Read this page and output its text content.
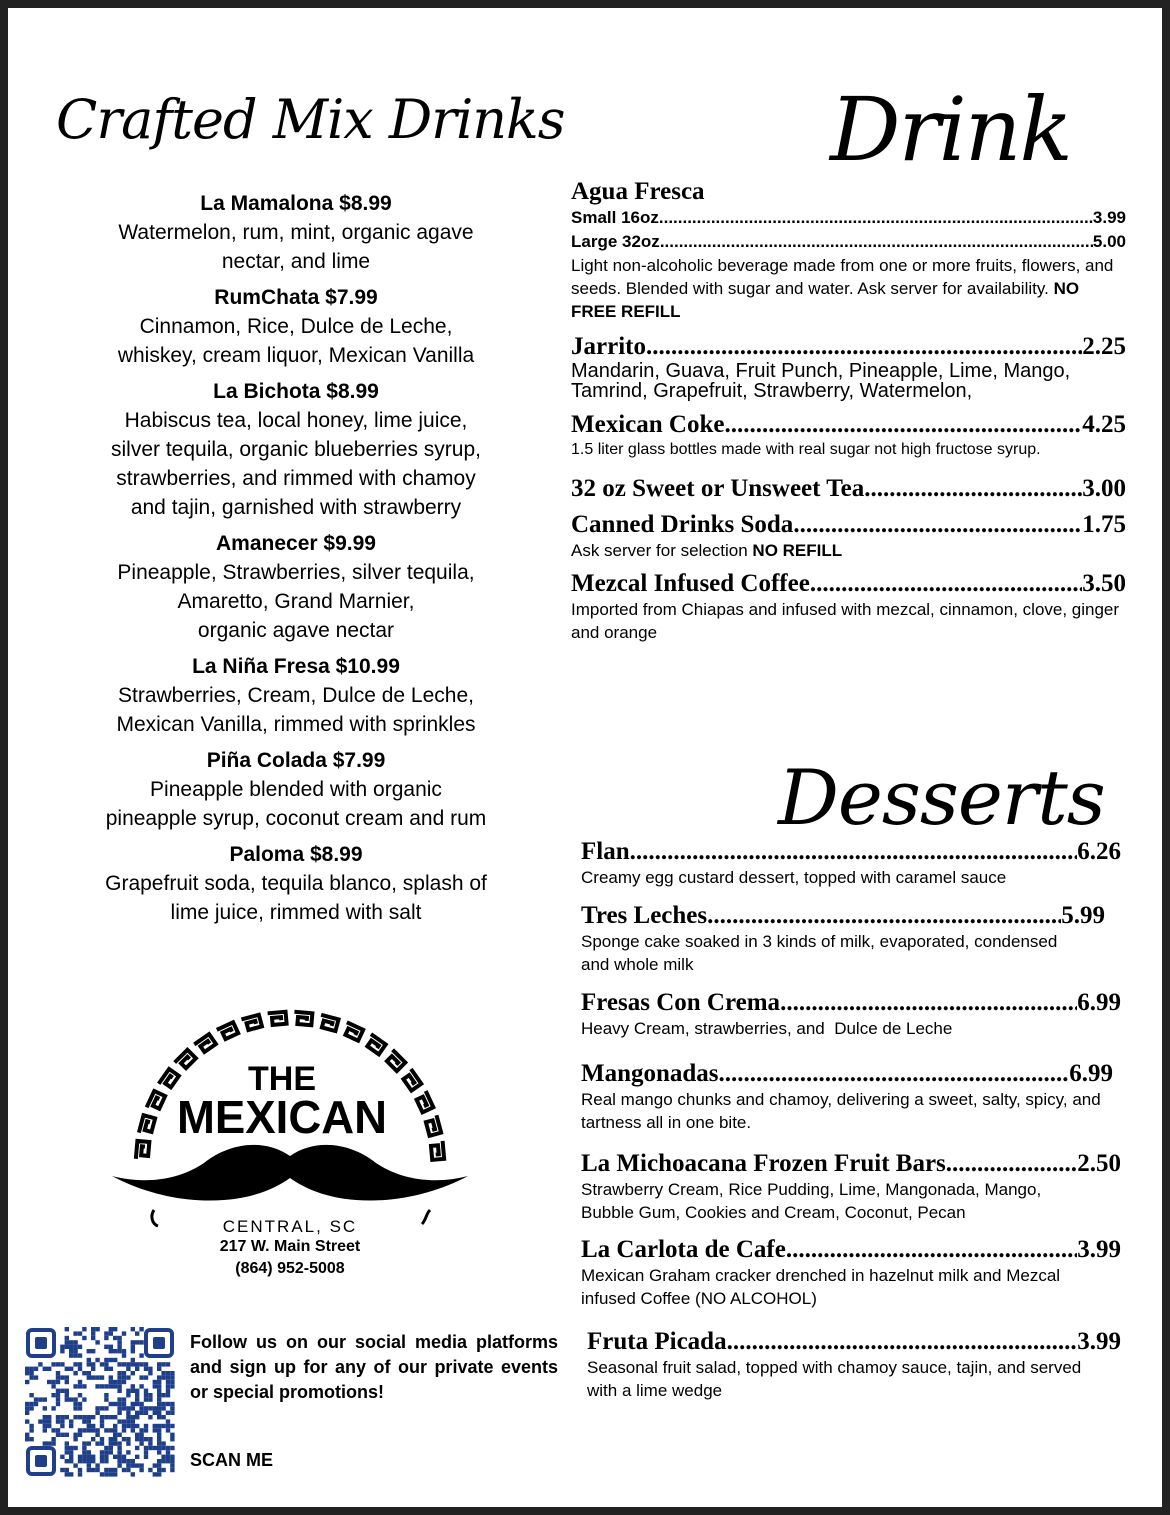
Crafted Mix Drinks
La Mamalona $8.99
Watermelon, rum, mint, organic agave
nectar, and lime
RumChata $7.99
Cinnamon, Rice, Dulce de Leche,
whiskey, cream liquor, Mexican Vanilla
La Bichota $8.99
Habiscus tea, local honey, lime juice,
silver tequila, organic blueberries syrup,
strawberries, and rimmed with chamoy
and tajin, garnished with strawberry
Amanecer $9.99
Pineapple, Strawberries, silver tequila,
Amaretto, Grand Marnier,
organic agave nectar
La Niña Fresa $10.99
Strawberries, Cream, Dulce de Leche,
Mexican Vanilla, rimmed with sprinkles
Piña Colada $7.99
Pineapple blended with organic
pineapple syrup, coconut cream and rum
Paloma $8.99
Grapefruit soda, tequila blanco, splash of
lime juice, rimmed with salt
THE
MEXICAN
CENTRAL, SC
217 W. Main Street
(864) 952-5008
Follow us on our social media platforms and sign up for any of our private events or special promotions!
SCAN ME
Drink
Agua Fresca
Small 16oz .....	3.99
Large 32oz .....	5.00
Light non-alcoholic beverage made from one or more fruits, flowers, and seeds. Blended with sugar and water. Ask server for availability. NO FREE REFILL
Jarrito .....	2.25
Mandarin, Guava, Fruit Punch, Pineapple, Lime, Mango, Tamrind, Grapefruit, Strawberry, Watermelon,
Mexican Coke .....	4.25
1.5 liter glass bottles made with real sugar not high fructose syrup.
32 oz Sweet or Unsweet Tea .....	3.00
Canned Drinks Soda .....	1.75
Ask server for selection NO REFILL
Mezcal Infused Coffee .....	3.50
Imported from Chiapas and infused with mezcal, cinnamon, clove, ginger and orange
Desserts
Flan .....	6.26
Creamy egg custard dessert, topped with caramel sauce
Tres Leches .....	5.99
Sponge cake soaked in 3 kinds of milk, evaporated, condensed and whole milk
Fresas Con Crema .....	6.99
Heavy Cream, strawberries, and  Dulce de Leche
Mangonadas .....	6.99
Real mango chunks and chamoy, delivering a sweet, salty, spicy, and tartness all in one bite.
La Michoacana Frozen Fruit Bars .....	2.50
Strawberry Cream, Rice Pudding, Lime, Mangonada, Mango, Bubble Gum, Cookies and Cream, Coconut, Pecan
La Carlota de Cafe .....	3.99
Mexican Graham cracker drenched in hazelnut milk and Mezcal infused Coffee (NO ALCOHOL)
Fruta Picada .....	3.99
Seasonal fruit salad, topped with chamoy sauce, tajin, and served with a lime wedge
